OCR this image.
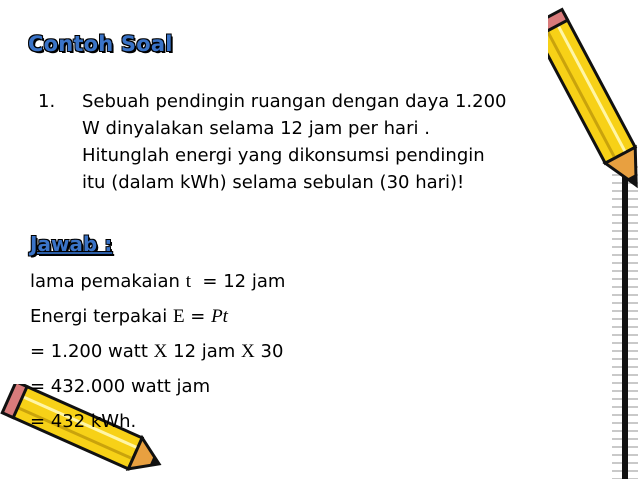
Contoh Soal
1.	Sebuah pendingin ruangan dengan daya 1.200
W dinyalakan selama 12 jam per hari .
Hitunglah energi yang dikonsumsi pendingin
itu (dalam kWh) selama sebulan (30 hari)!
Jawab :
lama pemakaian t  = 12 jam
Energi terpakai E = Pt
= 1.200 watt X 12 jam X 30
= 432.000 watt jam
= 432 kWh.
